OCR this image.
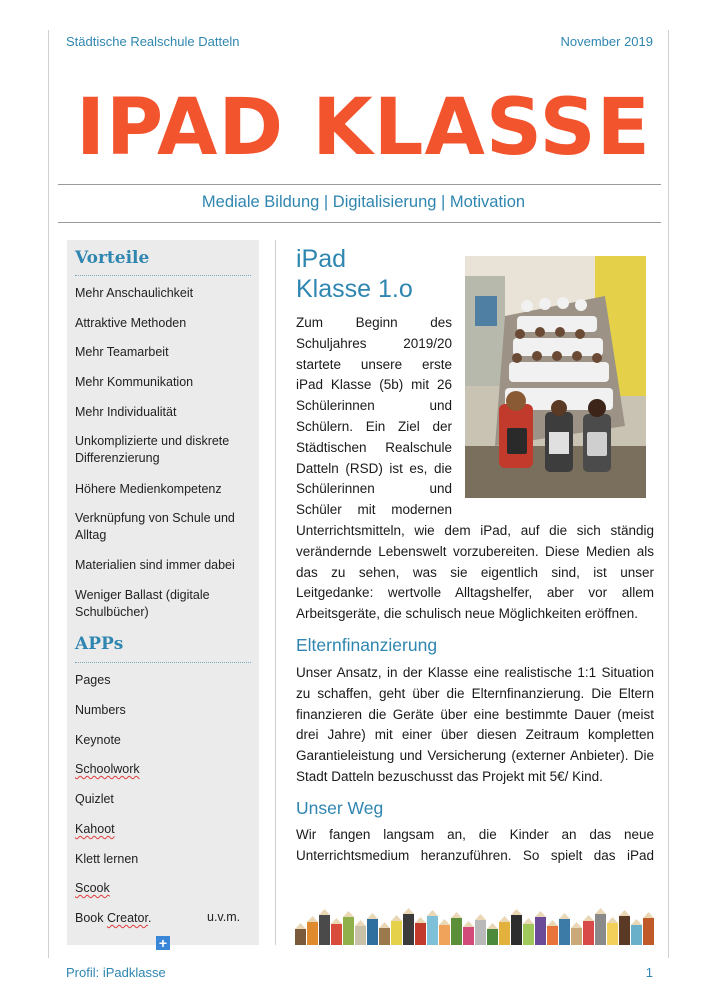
Städtische Realschule Datteln	November 2019
IPAD KLASSE
Mediale Bildung | Digitalisierung | Motivation
Vorteile
Mehr Anschaulichkeit
Attraktive Methoden
Mehr Teamarbeit
Mehr Kommunikation
Mehr Individualität
Unkomplizierte und diskrete Differenzierung
Höhere Medienkompetenz
Verknüpfung von Schule und Alltag
Materialien sind immer dabei
Weniger Ballast (digitale Schulbücher)
APPs
Pages
Numbers
Keynote
Schoolwork
Quizlet
Kahoot
Klett lernen
Scook
Book Creator.	u.v.m.
+
iPad
Klasse 1.o
Zum Beginn des
Schuljahres 2019/20
startete unsere erste
iPad Klasse (5b) mit 26
Schülerinnen und
Schülern. Ein Ziel der
Städtischen Realschule
Datteln (RSD) ist es, die
Schülerinnen und
Schüler mit modernen
Unterrichtsmitteln, wie dem iPad, auf die sich ständig
verändernde Lebenswelt vorzubereiten. Diese Medien als
das zu sehen, was sie eigentlich sind, ist unser
Leitgedanke: wertvolle Alltagshelfer, aber vor allem
Arbeitsgeräte, die schulisch neue Möglichkeiten eröffnen.
Elternfinanzierung
Unser Ansatz, in der Klasse eine realistische 1:1 Situation
zu schaffen, geht über die Elternfinanzierung. Die Eltern
finanzieren die Geräte über eine bestimmte Dauer (meist
drei Jahre) mit einer über diesen Zeitraum kompletten
Garantieleistung und Versicherung (externer Anbieter). Die
Stadt Datteln bezuschusst das Projekt mit 5€/ Kind.
Unser Weg
Wir fangen langsam an, die Kinder an das neue
Unterrichtsmedium heranzuführen. So spielt das iPad
Profil: iPadklasse	1
